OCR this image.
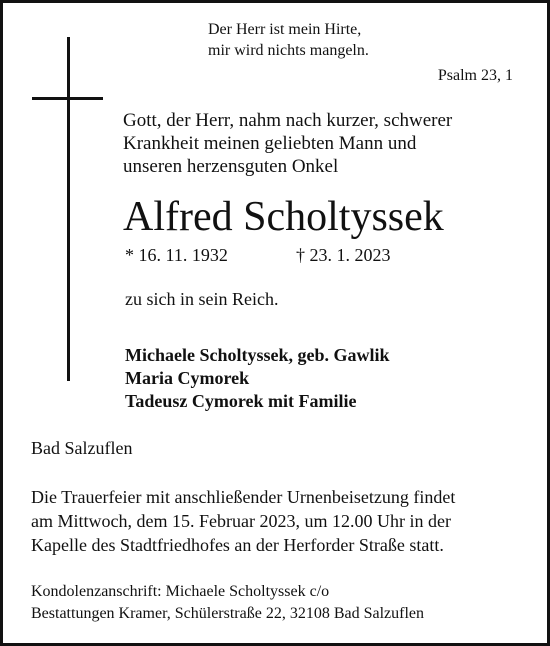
Der Herr ist mein Hirte,
mir wird nichts mangeln.
Psalm 23, 1
Gott, der Herr, nahm nach kurzer, schwerer
Krankheit meinen geliebten Mann und
unseren herzensguten Onkel
Alfred Scholtyssek
* 16. 11. 1932	† 23. 1. 2023
zu sich in sein Reich.
Michaele Scholtyssek, geb. Gawlik
Maria Cymorek
Tadeusz Cymorek mit Familie
Bad Salzuflen
Die Trauerfeier mit anschließender Urnenbeisetzung findet
am Mittwoch, dem 15. Februar 2023, um 12.00 Uhr in der
Kapelle des Stadtfriedhofes an der Herforder Straße statt.
Kondolenzanschrift: Michaele Scholtyssek c/o
Bestattungen Kramer, Schülerstraße 22, 32108 Bad Salzuflen
